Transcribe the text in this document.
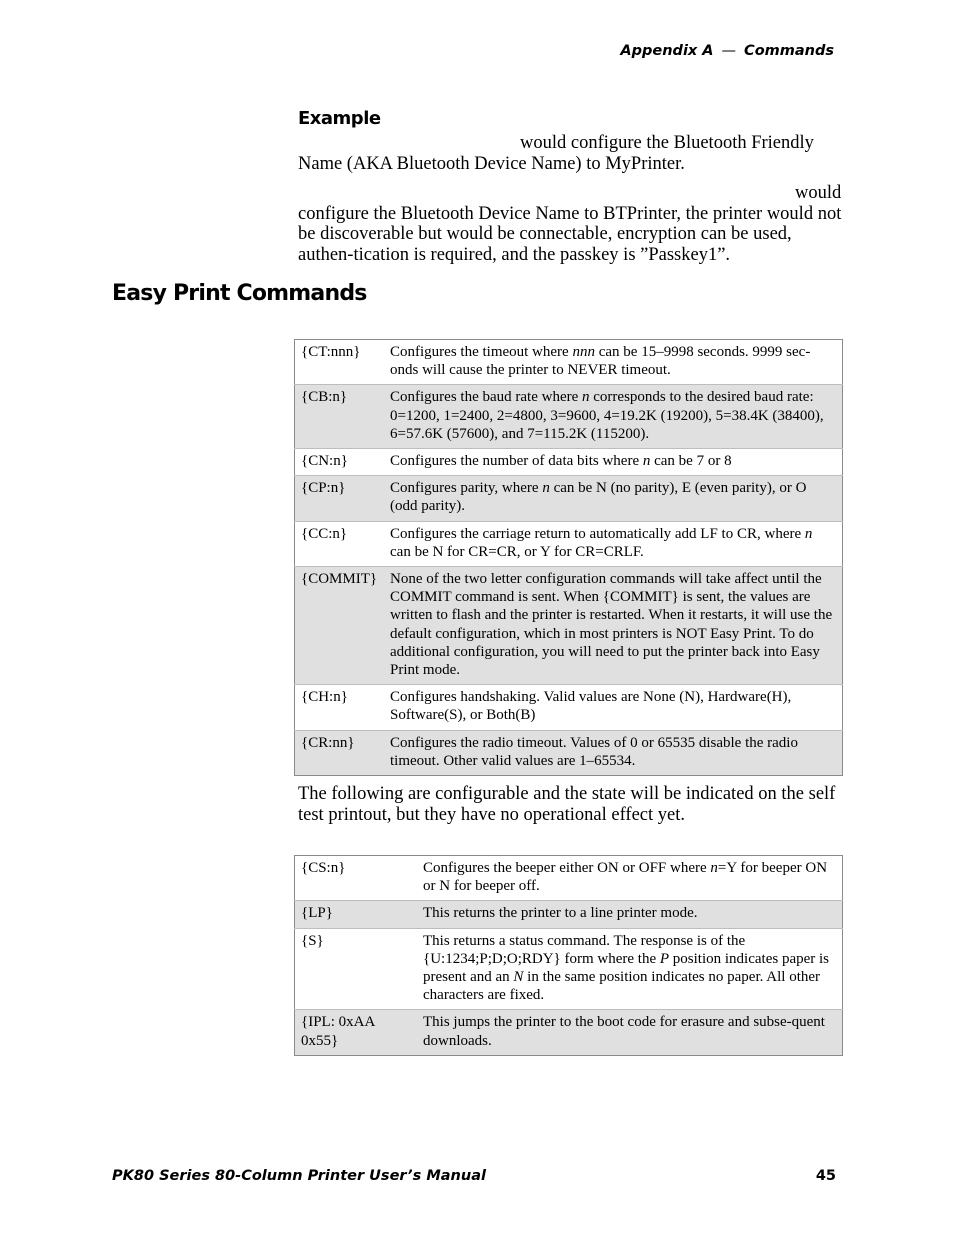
Appendix A — Commands
Example
would configure the Bluetooth Friendly Name (AKA Bluetooth Device Name) to MyPrinter.
would configure the Bluetooth Device Name to BTPrinter, the printer would not be discoverable but would be connectable, encryption can be used, authen-tication is required, and the passkey is ”Passkey1”.
Easy Print Commands
{CT:nnn}	Configures the timeout where nnn can be 15–9998 seconds. 9999 sec-onds will cause the printer to NEVER timeout.
{CB:n}	Configures the baud rate where n corresponds to the desired baud rate: 0=1200, 1=2400, 2=4800, 3=9600, 4=19.2K (19200), 5=38.4K (38400), 6=57.6K (57600), and 7=115.2K (115200).
{CN:n}	Configures the number of data bits where n can be 7 or 8
{CP:n}	Configures parity, where n can be N (no parity), E (even parity), or O (odd parity).
{CC:n}	Configures the carriage return to automatically add LF to CR, where n can be N for CR=CR, or Y for CR=CRLF.
{COMMIT}	None of the two letter configuration commands will take affect until the COMMIT command is sent. When {COMMIT} is sent, the values are written to flash and the printer is restarted. When it restarts, it will use the default configuration, which in most printers is NOT Easy Print. To do additional configuration, you will need to put the printer back into Easy Print mode.
{CH:n}	Configures handshaking. Valid values are None (N), Hardware(H), Software(S), or Both(B)
{CR:nn}	Configures the radio timeout. Values of 0 or 65535 disable the radio timeout. Other valid values are 1–65534.
The following are configurable and the state will be indicated on the self test printout, but they have no operational effect yet.
{CS:n}	Configures the beeper either ON or OFF where n=Y for beeper ON or N for beeper off.
{LP}	This returns the printer to a line printer mode.
{S}	This returns a status command. The response is of the {U:1234;P;D;O;RDY} form where the P position indicates paper is present and an N in the same position indicates no paper. All other characters are fixed.
{IPL: 0xAA 0x55}	This jumps the printer to the boot code for erasure and subse-quent downloads.
PK80 Series 80-Column Printer User’s Manual	45
